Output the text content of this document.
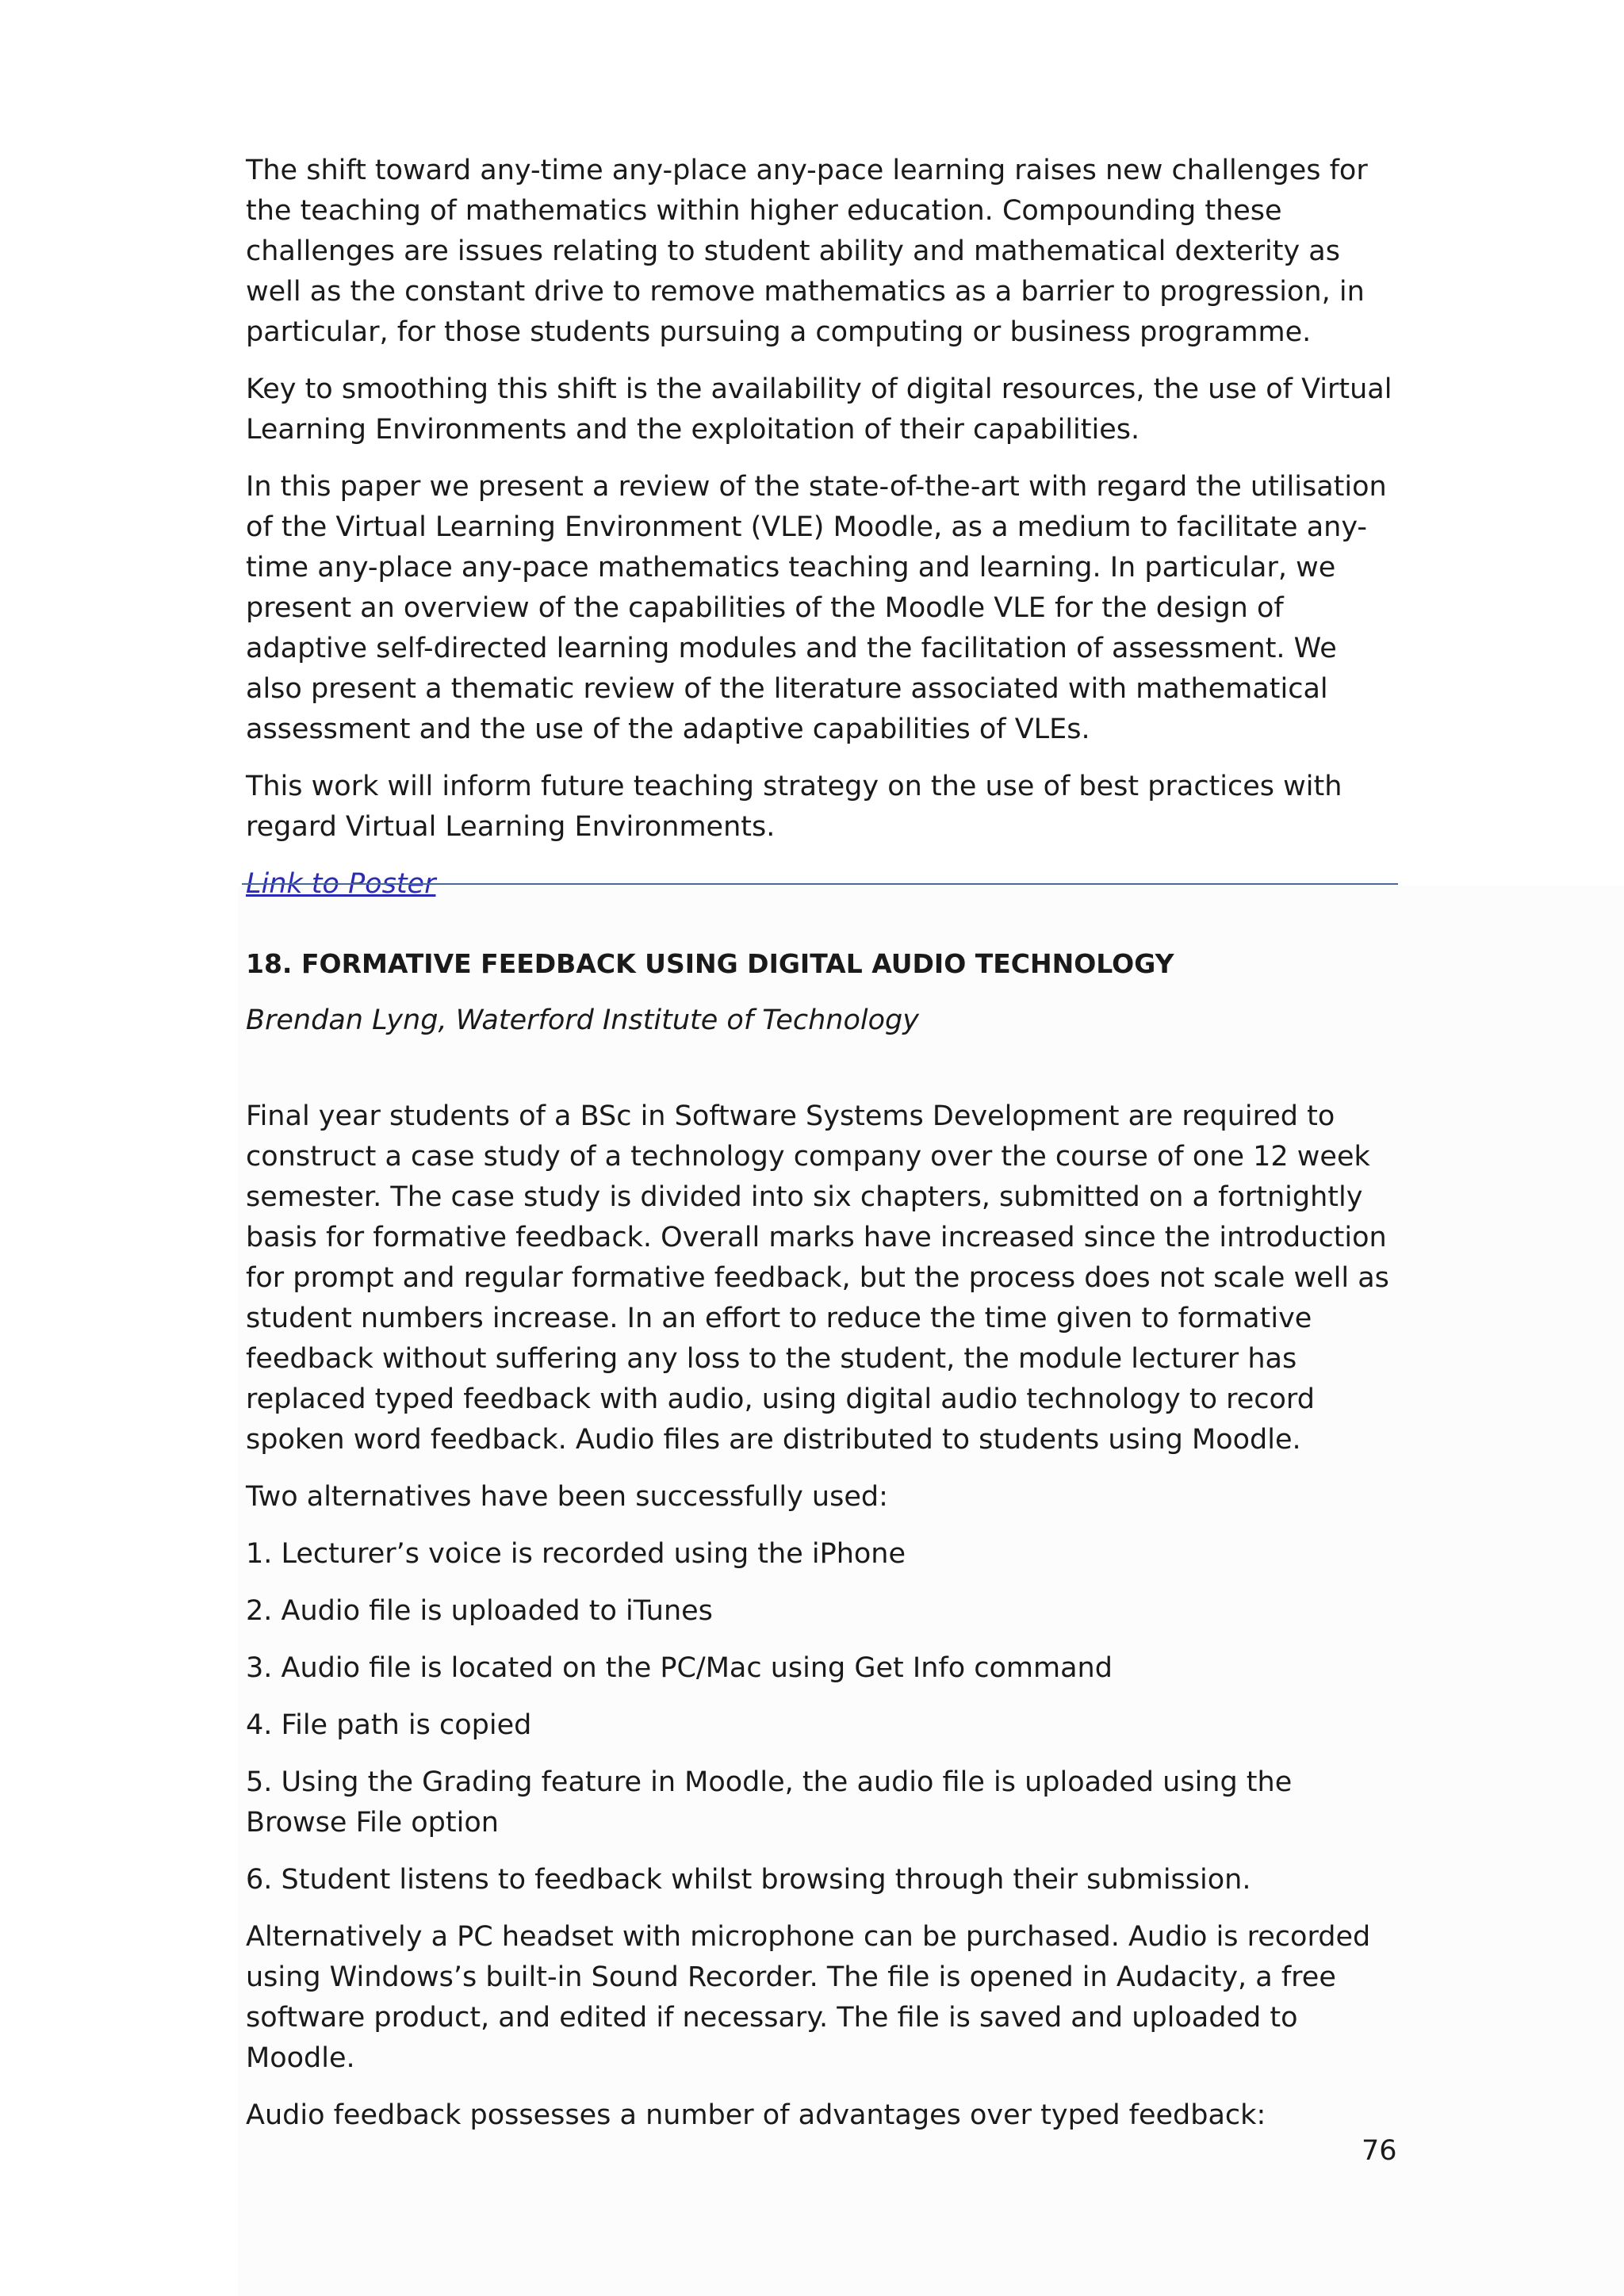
The shift toward any-time any-place any-pace learning raises new challenges for the teaching of mathematics within higher education. Compounding these challenges are issues relating to student ability and mathematical dexterity as well as the constant drive to remove mathematics as a barrier to progression, in particular, for those students pursuing a computing or business programme.

Key to smoothing this shift is the availability of digital resources, the use of Virtual Learning Environments and the exploitation of their capabilities.

In this paper we present a review of the state-of-the-art with regard the utilisation of the Virtual Learning Environment (VLE) Moodle, as a medium to facilitate any-time any-place any-pace mathematics teaching and learning. In particular, we present an overview of the capabilities of the Moodle VLE for the design of adaptive self-directed learning modules and the facilitation of assessment. We also present a thematic review of the literature associated with mathematical assessment and the use of the adaptive capabilities of VLEs.

This work will inform future teaching strategy on the use of best practices with regard Virtual Learning Environments.

Link to Poster

18. FORMATIVE FEEDBACK USING DIGITAL AUDIO TECHNOLOGY

Brendan Lyng, Waterford Institute of Technology

Final year students of a BSc in Software Systems Development are required to construct a case study of a technology company over the course of one 12 week semester. The case study is divided into six chapters, submitted on a fortnightly basis for formative feedback. Overall marks have increased since the introduction for prompt and regular formative feedback, but the process does not scale well as student numbers increase. In an effort to reduce the time given to formative feedback without suffering any loss to the student, the module lecturer has replaced typed feedback with audio, using digital audio technology to record spoken word feedback. Audio files are distributed to students using Moodle.

Two alternatives have been successfully used:

1. Lecturer’s voice is recorded using the iPhone

2. Audio file is uploaded to iTunes

3. Audio file is located on the PC/Mac using Get Info command

4. File path is copied

5. Using the Grading feature in Moodle, the audio file is uploaded using the Browse File option

6. Student listens to feedback whilst browsing through their submission.

Alternatively a PC headset with microphone can be purchased. Audio is recorded using Windows’s built-in Sound Recorder. The file is opened in Audacity, a free software product, and edited if necessary. The file is saved and uploaded to Moodle.

Audio feedback possesses a number of advantages over typed feedback:

76
